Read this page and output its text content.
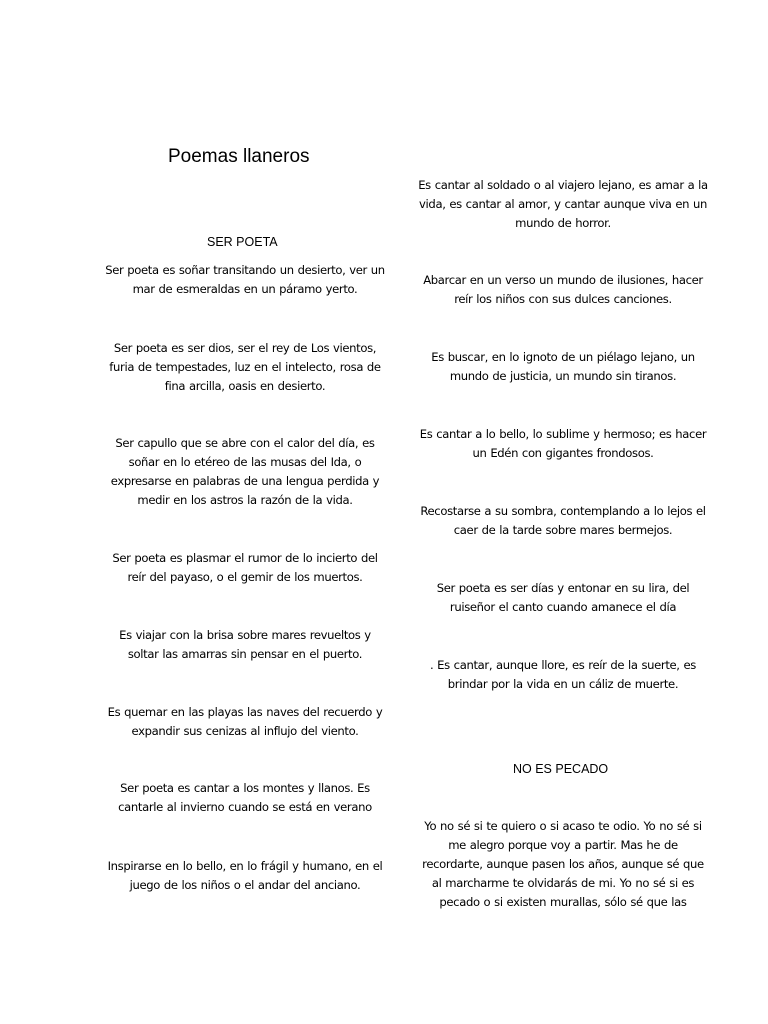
Poemas llaneros
SER POETA
Ser poeta es soñar transitando un desierto, ver un mar de esmeraldas en un páramo yerto.
Ser poeta es ser dios, ser el rey de Los vientos, furia de tempestades, luz en el intelecto, rosa de fina arcilla, oasis en desierto.
Ser capullo que se abre con el calor del día, es soñar en lo etéreo de las musas del Ida, o expresarse en palabras de una lengua perdida y medir en los astros la razón de la vida.
Ser poeta es plasmar el rumor de lo incierto del reír del payaso, o el gemir de los muertos.
Es viajar con la brisa sobre mares revueltos y soltar las amarras sin pensar en el puerto.
Es quemar en las playas las naves del recuerdo y expandir sus cenizas al influjo del viento.
Ser poeta es cantar a los montes y llanos. Es cantarle al invierno cuando se está en verano
Inspirarse en lo bello, en lo frágil y humano, en el juego de los niños o el andar del anciano.
Es cantar al soldado o al viajero lejano, es amar a la vida, es cantar al amor, y cantar aunque viva en un mundo de horror.
Abarcar en un verso un mundo de ilusiones, hacer reír los niños con sus dulces canciones.
Es buscar, en lo ignoto de un piélago lejano, un mundo de justicia, un mundo sin tiranos.
Es cantar a lo bello, lo sublime y hermoso; es hacer un Edén con gigantes frondosos.
Recostarse a su sombra, contemplando a lo lejos el caer de la tarde sobre mares bermejos.
Ser poeta es ser días y entonar en su lira, del ruiseñor el canto cuando amanece el día
. Es cantar, aunque llore, es reír de la suerte, es brindar por la vida en un cáliz de muerte.
NO ES PECADO
Yo no sé si te quiero o si acaso te odio. Yo no sé si me alegro porque voy a partir. Mas he de recordarte, aunque pasen los años, aunque sé que al marcharme te olvidarás de mi. Yo no sé si es pecado o si existen murallas, sólo sé que las
